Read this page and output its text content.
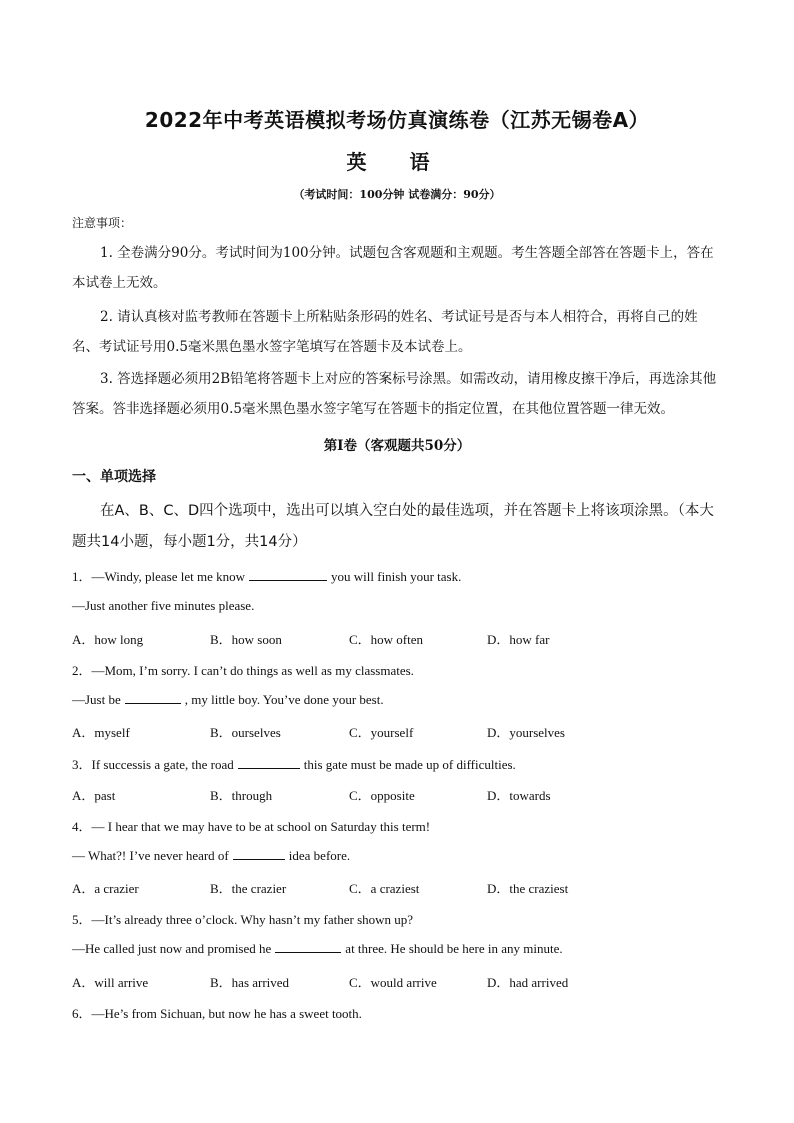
2022年中考英语模拟考场仿真演练卷（江苏无锡卷A）
英 语
（考试时间：100分钟 试卷满分：90分）
注意事项：
1. 全卷满分90分。考试时间为100分钟。试题包含客观题和主观题。考生答题全部答在答题卡上，答在本试卷上无效。
2. 请认真核对监考教师在答题卡上所粘贴条形码的姓名、考试证号是否与本人相符合，再将自己的姓名、考试证号用0.5毫米黑色墨水签字笔填写在答题卡及本试卷上。
3. 答选择题必须用2B铅笔将答题卡上对应的答案标号涂黑。如需改动，请用橡皮擦干净后，再选涂其他答案。答非选择题必须用0.5毫米黑色墨水签字笔写在答题卡的指定位置，在其他位置答题一律无效。
第I卷（客观题共50分）
一、单项选择
在A、B、C、D四个选项中，选出可以填入空白处的最佳选项，并在答题卡上将该项涂黑。（本大题共14小题，每小题1分，共14分）
1．—Windy, please let me know	you will finish your task.
—Just another five minutes please.
A．how long	B．how soon	C．how often	D．how far
2．—Mom, I’m sorry. I can’t do things as well as my classmates.
—Just be	, my little boy. You’ve done your best.
A．myself	B．ourselves	C．yourself	D．yourselves
3．If successis a gate, the road	this gate must be made up of difficulties.
A．past	B．through	C．opposite	D．towards
4．— I hear that we may have to be at school on Saturday this term!
— What?! I’ve never heard of	idea before.
A．a crazier	B．the crazier	C．a craziest	D．the craziest
5．—It’s already three o’clock. Why hasn’t my father shown up?
—He called just now and promised he	at three. He should be here in any minute.
A．will arrive	B．has arrived	C．would arrive	D．had arrived
6．—He’s from Sichuan, but now he has a sweet tooth.
